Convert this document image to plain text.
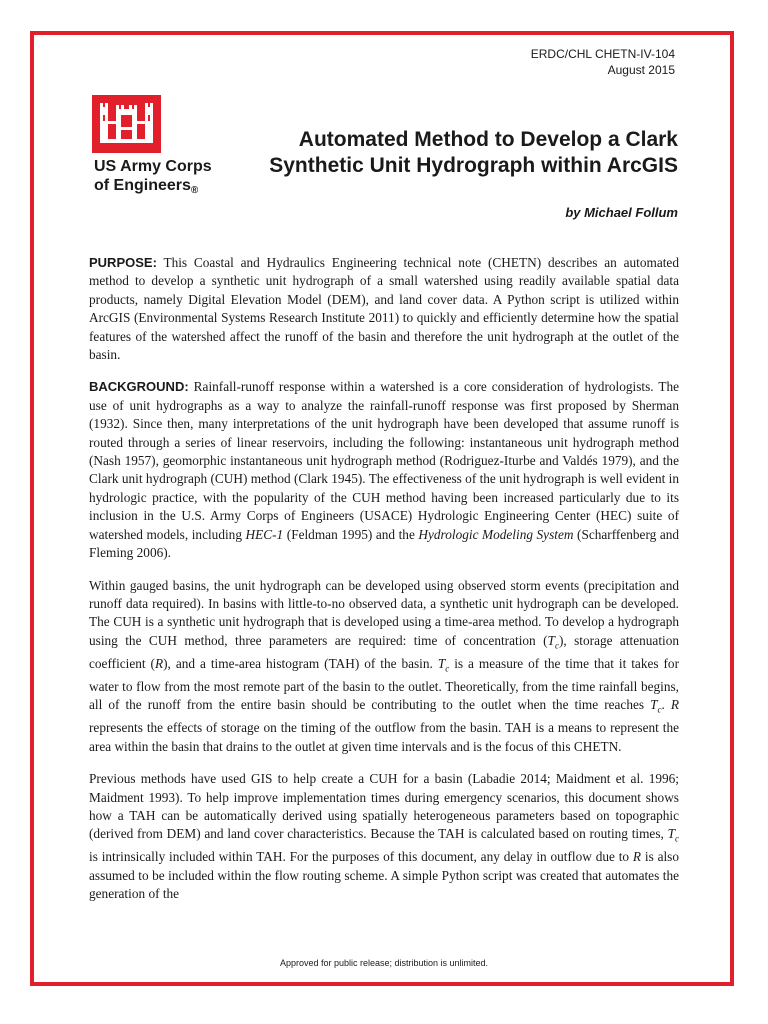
ERDC/CHL CHETN-IV-104
August 2015
US Army Corps
of Engineers®
Automated Method to Develop a Clark
Synthetic Unit Hydrograph within ArcGIS
by Michael Follum

PURPOSE: This Coastal and Hydraulics Engineering technical note (CHETN) describes an automated method to develop a synthetic unit hydrograph of a small watershed using readily available spatial data products, namely Digital Elevation Model (DEM), and land cover data. A Python script is utilized within ArcGIS (Environmental Systems Research Institute 2011) to quickly and efficiently determine how the spatial features of the watershed affect the runoff of the basin and therefore the unit hydrograph at the outlet of the basin.

BACKGROUND: Rainfall-runoff response within a watershed is a core consideration of hydrologists. The use of unit hydrographs as a way to analyze the rainfall-runoff response was first proposed by Sherman (1932). Since then, many interpretations of the unit hydrograph have been developed that assume runoff is routed through a series of linear reservoirs, including the following: instantaneous unit hydrograph method (Nash 1957), geomorphic instantaneous unit hydrograph method (Rodriguez-Iturbe and Valdés 1979), and the Clark unit hydrograph (CUH) method (Clark 1945). The effectiveness of the unit hydrograph is well evident in hydrologic practice, with the popularity of the CUH method having been increased particularly due to its inclusion in the U.S. Army Corps of Engineers (USACE) Hydrologic Engineering Center (HEC) suite of watershed models, including HEC-1 (Feldman 1995) and the Hydrologic Modeling System (Scharffenberg and Fleming 2006).

Within gauged basins, the unit hydrograph can be developed using observed storm events (precipitation and runoff data required). In basins with little-to-no observed data, a synthetic unit hydrograph can be developed. The CUH is a synthetic unit hydrograph that is developed using a time-area method. To develop a hydrograph using the CUH method, three parameters are required: time of concentration $(T_c)$, storage attenuation coefficient (R), and a time-area histogram (TAH) of the basin. $T_c$ is a measure of the time that it takes for water to flow from the most remote part of the basin to the outlet. Theoretically, from the time rainfall begins, all of the runoff from the entire basin should be contributing to the outlet when the time reaches $T_c$. R represents the effects of storage on the timing of the outflow from the basin. TAH is a means to represent the area within the basin that drains to the outlet at given time intervals and is the focus of this CHETN.

Previous methods have used GIS to help create a CUH for a basin (Labadie 2014; Maidment et al. 1996; Maidment 1993). To help improve implementation times during emergency scenarios, this document shows how a TAH can be automatically derived using spatially heterogeneous parameters based on topographic (derived from DEM) and land cover characteristics. Because the TAH is calculated based on routing times, $T_c$ is intrinsically included within TAH. For the purposes of this document, any delay in outflow due to R is also assumed to be included within the flow routing scheme. A simple Python script was created that automates the generation of the

Approved for public release; distribution is unlimited.
